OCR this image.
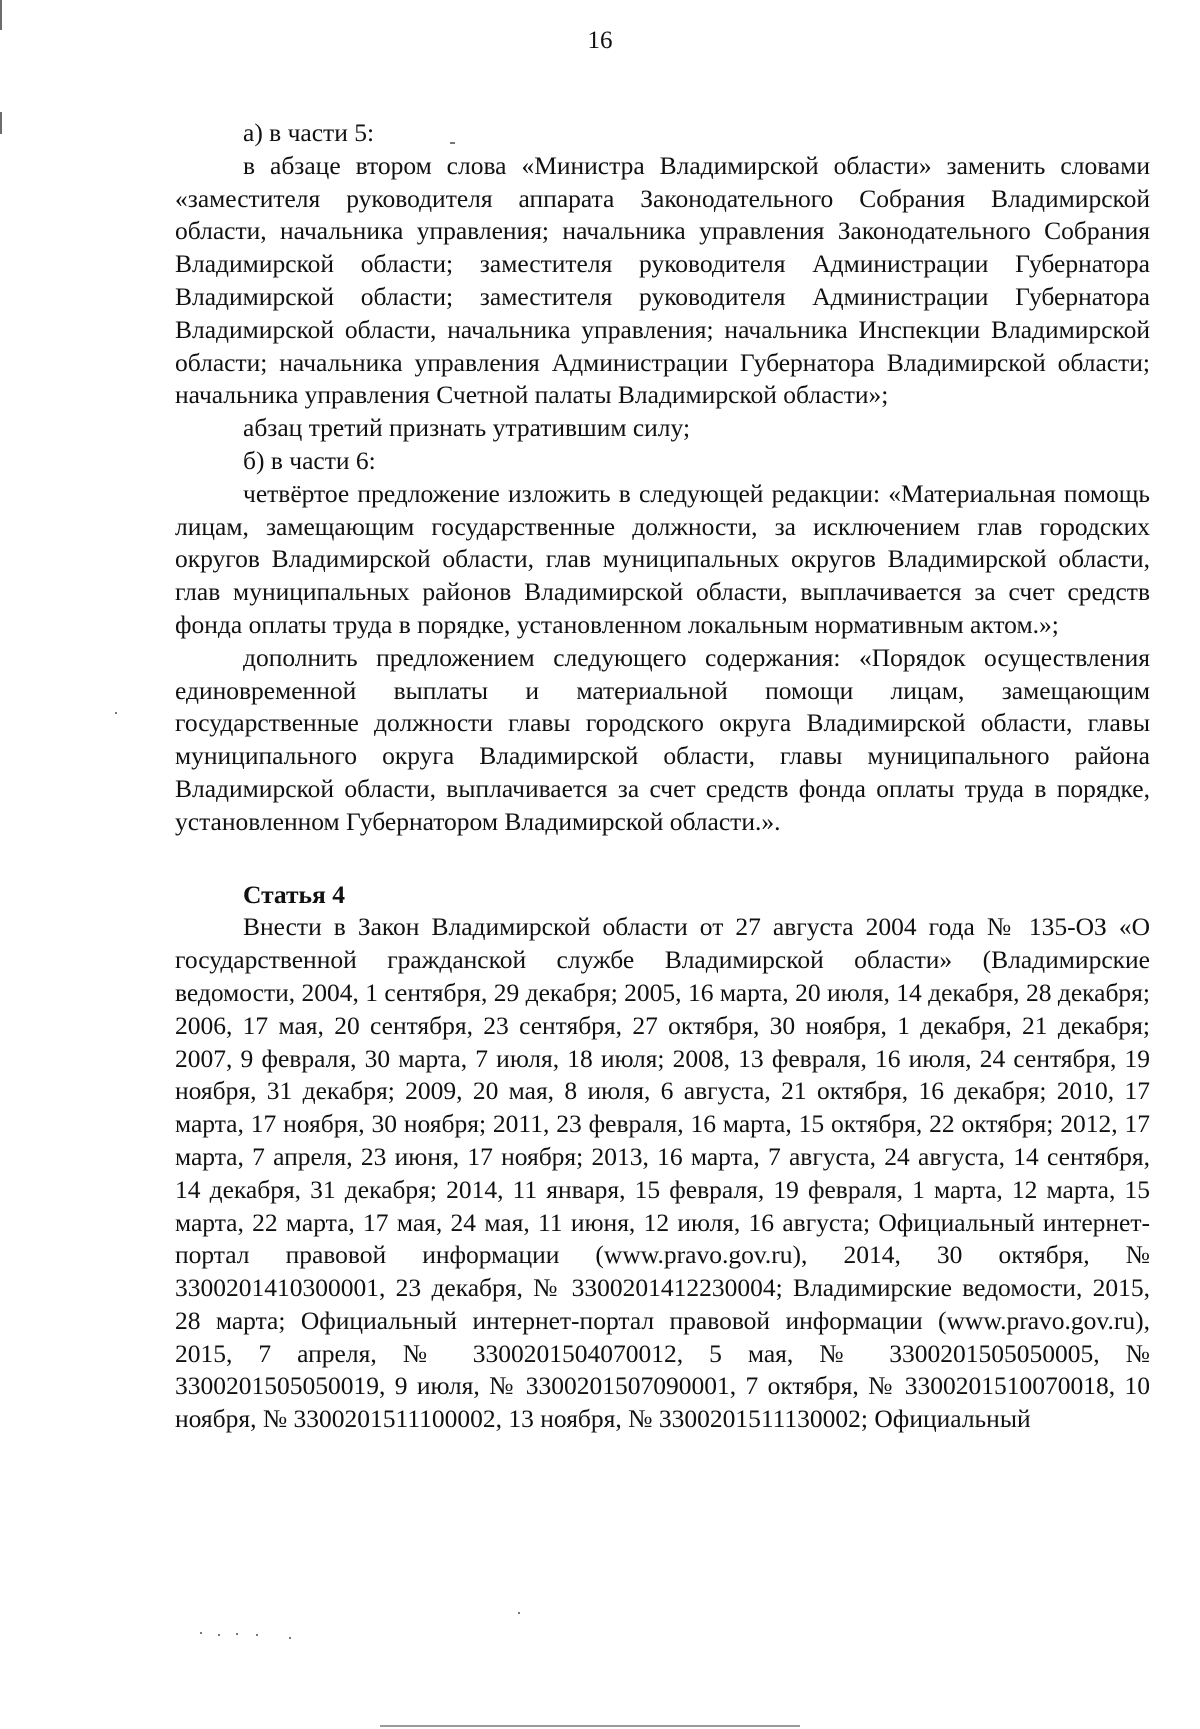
16

а) в части 5:

в абзаце втором слова «Министра Владимирской области» заменить словами «заместителя руководителя аппарата Законодательного Собрания Владимирской области, начальника управления; начальника управления Законодательного Собрания Владимирской области; заместителя руководителя Администрации Губернатора Владимирской области; заместителя руководителя Администрации Губернатора Владимирской области, начальника управления; начальника Инспекции Владимирской области; начальника управления Администрации Губернатора Владимирской области; начальника управления Счетной палаты Владимирской области»;

абзац третий признать утратившим силу;

б) в части 6:

четвёртое предложение изложить в следующей редакции: «Материальная помощь лицам, замещающим государственные должности, за исключением глав городских округов Владимирской области, глав муниципальных округов Владимирской области, глав муниципальных районов Владимирской области, выплачивается за счет средств фонда оплаты труда в порядке, установленном локальным нормативным актом.»;

дополнить предложением следующего содержания: «Порядок осуществления единовременной выплаты и материальной помощи лицам, замещающим государственные должности главы городского округа Владимирской области, главы муниципального округа Владимирской области, главы муниципального района Владимирской области, выплачивается за счет средств фонда оплаты труда в порядке, установленном Губернатором Владимирской области.».

Статья 4

Внести в Закон Владимирской области от 27 августа 2004 года № 135-ОЗ «О государственной гражданской службе Владимирской области» (Владимирские ведомости, 2004, 1 сентября, 29 декабря; 2005, 16 марта, 20 июля, 14 декабря, 28 декабря; 2006, 17 мая, 20 сентября, 23 сентября, 27 октября, 30 ноября, 1 декабря, 21 декабря; 2007, 9 февраля, 30 марта, 7 июля, 18 июля; 2008, 13 февраля, 16 июля, 24 сентября, 19 ноября, 31 декабря; 2009, 20 мая, 8 июля, 6 августа, 21 октября, 16 декабря; 2010, 17 марта, 17 ноября, 30 ноября; 2011, 23 февраля, 16 марта, 15 октября, 22 октября; 2012, 17 марта, 7 апреля, 23 июня, 17 ноября; 2013, 16 марта, 7 августа, 24 августа, 14 сентября, 14 декабря, 31 декабря; 2014, 11 января, 15 февраля, 19 февраля, 1 марта, 12 марта, 15 марта, 22 марта, 17 мая, 24 мая, 11 июня, 12 июля, 16 августа; Официальный интернет-портал правовой информации (www.pravo.gov.ru), 2014, 30 октября, № 3300201410300001, 23 декабря, № 3300201412230004; Владимирские ведомости, 2015, 28 марта; Официальный интернет-портал правовой информации (www.pravo.gov.ru), 2015, 7 апреля, № 3300201504070012, 5 мая, № 3300201505050005, № 3300201505050019, 9 июля, № 3300201507090001, 7 октября, № 3300201510070018, 10 ноября, № 3300201511100002, 13 ноября, № 3300201511130002; Официальный
